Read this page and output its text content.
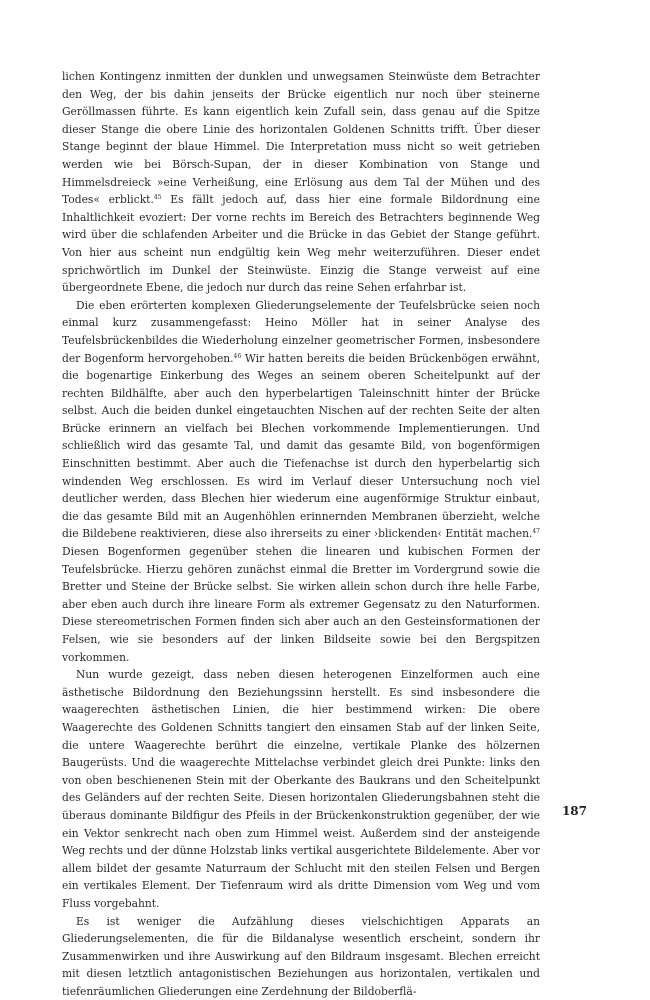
lichen Kontingenz inmitten der dunklen und unwegsamen Steinwüste dem Betrachter den Weg, der bis dahin jenseits der Brücke eigentlich nur noch über steinerne Geröllmassen führte. Es kann eigentlich kein Zufall sein, dass genau auf die Spitze dieser Stange die obere Linie des horizontalen Goldenen Schnitts trifft. Über dieser Stange beginnt der blaue Himmel. Die Interpretation muss nicht so weit getrieben werden wie bei Börsch-Supan, der in dieser Kombination von Stange und Himmelsdreieck »eine Verheißung, eine Erlösung aus dem Tal der Mühen und des Todes« erblickt.$^{45}$ Es fällt jedoch auf, dass hier eine formale Bildordnung eine Inhaltlichkeit evoziert: Der vorne rechts im Bereich des Betrachters beginnende Weg wird über die schlafenden Arbeiter und die Brücke in das Gebiet der Stange geführt. Von hier aus scheint nun endgültig kein Weg mehr weiterzuführen. Dieser endet sprichwörtlich im Dunkel der Steinwüste. Einzig die Stange verweist auf eine übergeordnete Ebene, die jedoch nur durch das reine Sehen erfahrbar ist.

Die eben erörterten komplexen Gliederungselemente der Teufelsbrücke seien noch einmal kurz zusammengefasst: Heino Möller hat in seiner Analyse des Teufelsbrückenbildes die Wiederholung einzelner geometrischer Formen, insbesondere der Bogenform hervorgehoben.$^{46}$ Wir hatten bereits die beiden Brückenbögen erwähnt, die bogenartige Einkerbung des Weges an seinem oberen Scheitelpunkt auf der rechten Bildhälfte, aber auch den hyperbelartigen Taleinschnitt hinter der Brücke selbst. Auch die beiden dunkel eingetauchten Nischen auf der rechten Seite der alten Brücke erinnern an vielfach bei Blechen vorkommende Implementierungen. Und schließlich wird das gesamte Tal, und damit das gesamte Bild, von bogenförmigen Einschnitten bestimmt. Aber auch die Tiefenachse ist durch den hyperbelartig sich windenden Weg erschlossen. Es wird im Verlauf dieser Untersuchung noch viel deutlicher werden, dass Blechen hier wiederum eine augenförmige Struktur einbaut, die das gesamte Bild mit an Augenhöhlen erinnernden Membranen überzieht, welche die Bildebene reaktivieren, diese also ihrerseits zu einer ›blickenden‹ Entität machen.$^{47}$ Diesen Bogenformen gegenüber stehen die linearen und kubischen Formen der Teufelsbrücke. Hierzu gehören zunächst einmal die Bretter im Vordergrund sowie die Bretter und Steine der Brücke selbst. Sie wirken allein schon durch ihre helle Farbe, aber eben auch durch ihre lineare Form als extremer Gegensatz zu den Naturformen. Diese stereometrischen Formen finden sich aber auch an den Gesteinsformationen der Felsen, wie sie besonders auf der linken Bildseite sowie bei den Bergspitzen vorkommen.

Nun wurde gezeigt, dass neben diesen heterogenen Einzelformen auch eine ästhetische Bildordnung den Beziehungssinn herstellt. Es sind insbesondere die waagerechten ästhetischen Linien, die hier bestimmend wirken: Die obere Waagerechte des Goldenen Schnitts tangiert den einsamen Stab auf der linken Seite, die untere Waagerechte berührt die einzelne, vertikale Planke des hölzernen Baugerüsts. Und die waagerechte Mittelachse verbindet gleich drei Punkte: links den von oben beschienenen Stein mit der Oberkante des Baukrans und den Scheitelpunkt des Geländers auf der rechten Seite. Diesen horizontalen Gliederungsbahnen steht die überaus dominante Bildfigur des Pfeils in der Brückenkonstruktion gegenüber, der wie ein Vektor senkrecht nach oben zum Himmel weist. Außerdem sind der ansteigende Weg rechts und der dünne Holzstab links vertikal ausgerichtete Bildelemente. Aber vor allem bildet der gesamte Naturraum der Schlucht mit den steilen Felsen und Bergen ein vertikales Element. Der Tiefenraum wird als dritte Dimension vom Weg und vom Fluss vorgebahnt.

Es ist weniger die Aufzählung dieses vielschichtigen Apparats an Gliederungselementen, die für die Bildanalyse wesentlich erscheint, sondern ihr Zusammenwirken und ihre Auswirkung auf den Bildraum insgesamt. Blechen erreicht mit diesen letztlich antagonistischen Beziehungen aus horizontalen, vertikalen und tiefenräumlichen Gliederungen eine Zerdehnung der Bildoberflä-

187
